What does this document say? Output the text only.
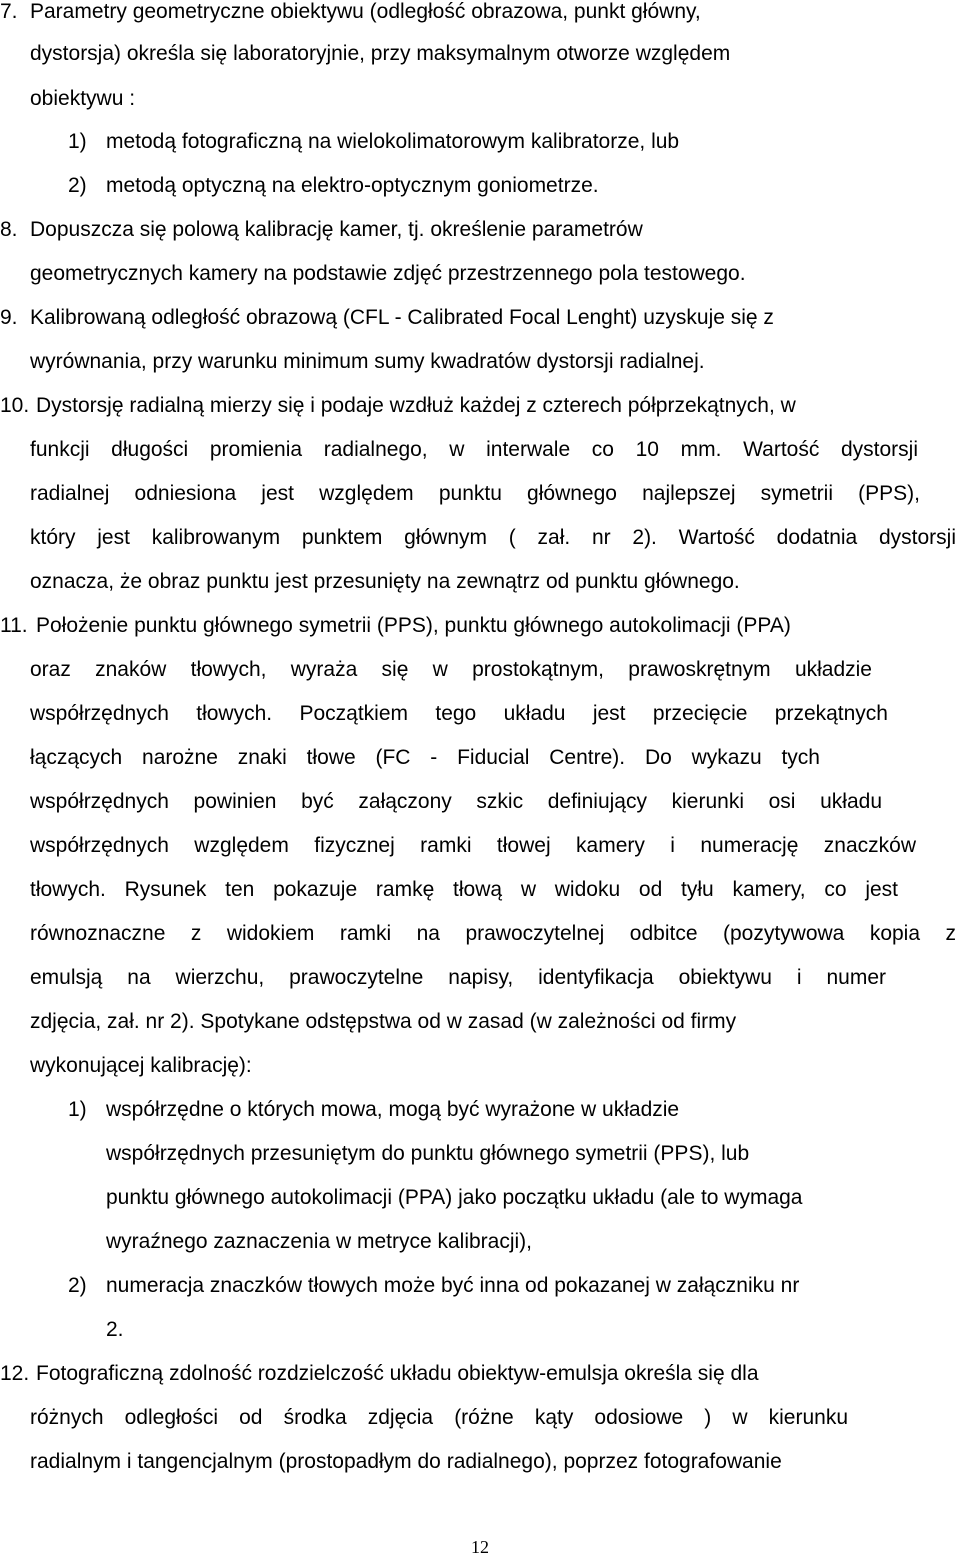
7. Parametry geometryczne obiektywu (odległość obrazowa, punkt główny,
dystorsja) określa się laboratoryjnie, przy maksymalnym otworze względem
obiektywu :
1) metodą fotograficzną na wielokolimatorowym kalibratorze, lub
2) metodą optyczną na elektro-optycznym goniometrze.
8. Dopuszcza się polową kalibrację kamer, tj. określenie parametrów
geometrycznych kamery na podstawie zdjęć przestrzennego pola testowego.
9. Kalibrowaną odległość obrazową (CFL - Calibrated Focal Lenght) uzyskuje się z
wyrównania, przy warunku minimum sumy kwadratów dystorsji radialnej.
10. Dystorsję radialną mierzy się i podaje wzdłuż każdej z czterech półprzekątnych, w
funkcji długości promienia radialnego, w interwale co 10 mm. Wartość dystorsji
radialnej odniesiona jest względem punktu głównego najlepszej symetrii (PPS),
który jest kalibrowanym punktem głównym ( zał. nr 2). Wartość dodatnia dystorsji
oznacza, że obraz punktu jest przesunięty na zewnątrz od punktu głównego.
11. Położenie punktu głównego symetrii (PPS), punktu głównego autokolimacji (PPA)
oraz znaków tłowych, wyraża się w prostokątnym, prawoskrętnym układzie
współrzędnych tłowych. Początkiem tego układu jest przecięcie przekątnych
łączących narożne znaki tłowe (FC - Fiducial Centre). Do wykazu tych
współrzędnych powinien być załączony szkic definiujący kierunki osi układu
współrzędnych względem fizycznej ramki tłowej kamery i numerację znaczków
tłowych. Rysunek ten pokazuje ramkę tłową w widoku od tyłu kamery, co jest
równoznaczne z widokiem ramki na prawoczytelnej odbitce (pozytywowa kopia z
emulsją na wierzchu, prawoczytelne napisy, identyfikacja obiektywu i numer
zdjęcia, zał. nr 2). Spotykane odstępstwa od w zasad (w zależności od firmy
wykonującej kalibrację):
1) współrzędne o których mowa, mogą być wyrażone w układzie
współrzędnych przesuniętym do punktu głównego symetrii (PPS), lub
punktu głównego autokolimacji (PPA) jako początku układu (ale to wymaga
wyraźnego zaznaczenia w metryce kalibracji),
2) numeracja znaczków tłowych może być inna od pokazanej w załączniku nr
2.
12. Fotograficzną zdolność rozdzielczość układu obiektyw-emulsja określa się dla
różnych odległości od środka zdjęcia (różne kąty odosiowe ) w kierunku
radialnym i tangencjalnym (prostopadłym do radialnego), poprzez fotografowanie
12
